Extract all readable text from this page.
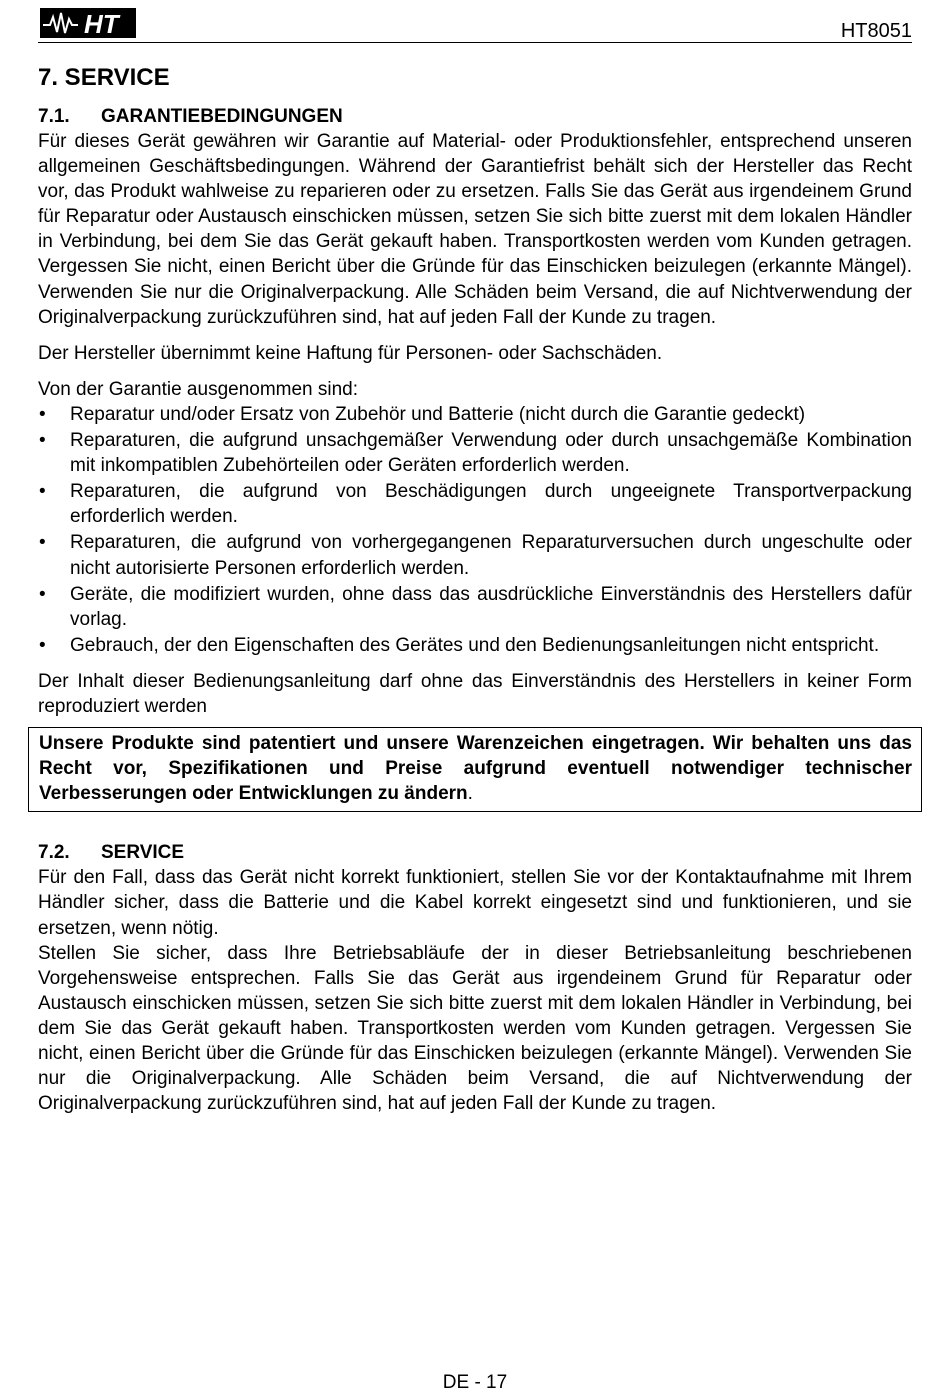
HT	HT8051
7. SERVICE
7.1. GARANTIEBEDINGUNGEN

Für dieses Gerät gewähren wir Garantie auf Material- oder Produktionsfehler, entsprechend unseren allgemeinen Geschäftsbedingungen. Während der Garantiefrist behält sich der Hersteller das Recht vor, das Produkt wahlweise zu reparieren oder zu ersetzen. Falls Sie das Gerät aus irgendeinem Grund für Reparatur oder Austausch einschicken müssen, setzen Sie sich bitte zuerst mit dem lokalen Händler in Verbindung, bei dem Sie das Gerät gekauft haben. Transportkosten werden vom Kunden getragen. Vergessen Sie nicht, einen Bericht über die Gründe für das Einschicken beizulegen (erkannte Mängel). Verwenden Sie nur die Originalverpackung. Alle Schäden beim Versand, die auf Nichtverwendung der Originalverpackung zurückzuführen sind, hat auf jeden Fall der Kunde zu tragen.

Der Hersteller übernimmt keine Haftung für Personen- oder Sachschäden.

Von der Garantie ausgenommen sind:

• Reparatur und/oder Ersatz von Zubehör und Batterie (nicht durch die Garantie gedeckt)
• Reparaturen, die aufgrund unsachgemäßer Verwendung oder durch unsachgemäße Kombination mit inkompatiblen Zubehörteilen oder Geräten erforderlich werden.
• Reparaturen, die aufgrund von Beschädigungen durch ungeeignete Transportverpackung erforderlich werden.
• Reparaturen, die aufgrund von vorhergegangenen Reparaturversuchen durch ungeschulte oder nicht autorisierte Personen erforderlich werden.
• Geräte, die modifiziert wurden, ohne dass das ausdrückliche Einverständnis des Herstellers dafür vorlag.
• Gebrauch, der den Eigenschaften des Gerätes und den Bedienungsanleitungen nicht entspricht.

Der Inhalt dieser Bedienungsanleitung darf ohne das Einverständnis des Herstellers in keiner Form reproduziert werden

Unsere Produkte sind patentiert und unsere Warenzeichen eingetragen. Wir behalten uns das Recht vor, Spezifikationen und Preise aufgrund eventuell notwendiger technischer Verbesserungen oder Entwicklungen zu ändern.

7.2. SERVICE

Für den Fall, dass das Gerät nicht korrekt funktioniert, stellen Sie vor der Kontaktaufnahme mit Ihrem Händler sicher, dass die Batterie und die Kabel korrekt eingesetzt sind und funktionieren, und sie ersetzen, wenn nötig.

Stellen Sie sicher, dass Ihre Betriebsabläufe der in dieser Betriebsanleitung beschriebenen Vorgehensweise entsprechen. Falls Sie das Gerät aus irgendeinem Grund für Reparatur oder Austausch einschicken müssen, setzen Sie sich bitte zuerst mit dem lokalen Händler in Verbindung, bei dem Sie das Gerät gekauft haben. Transportkosten werden vom Kunden getragen. Vergessen Sie nicht, einen Bericht über die Gründe für das Einschicken beizulegen (erkannte Mängel). Verwenden Sie nur die Originalverpackung. Alle Schäden beim Versand, die auf Nichtverwendung der Originalverpackung zurückzuführen sind, hat auf jeden Fall der Kunde zu tragen.

DE - 17
